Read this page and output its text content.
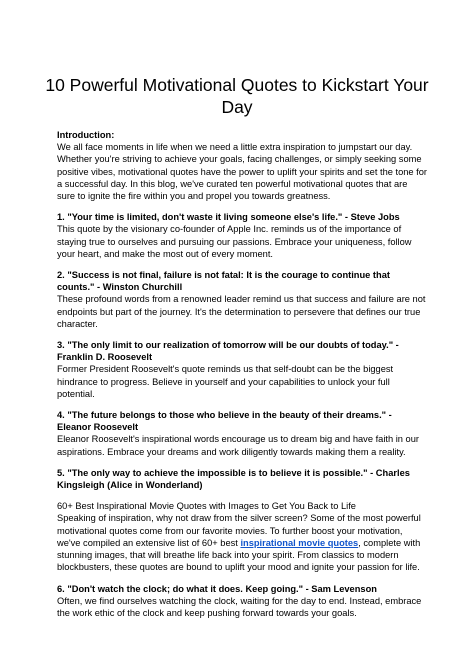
10 Powerful Motivational Quotes to Kickstart Your Day

Introduction:

We all face moments in life when we need a little extra inspiration to jumpstart our day. Whether you're striving to achieve your goals, facing challenges, or simply seeking some positive vibes, motivational quotes have the power to uplift your spirits and set the tone for a successful day. In this blog, we've curated ten powerful motivational quotes that are sure to ignite the fire within you and propel you towards greatness.

1. "Your time is limited, don't waste it living someone else's life." - Steve Jobs

This quote by the visionary co-founder of Apple Inc. reminds us of the importance of staying true to ourselves and pursuing our passions. Embrace your uniqueness, follow your heart, and make the most out of every moment.

2. "Success is not final, failure is not fatal: It is the courage to continue that counts." - Winston Churchill

These profound words from a renowned leader remind us that success and failure are not endpoints but part of the journey. It's the determination to persevere that defines our true character.

3. "The only limit to our realization of tomorrow will be our doubts of today." - Franklin D. Roosevelt

Former President Roosevelt's quote reminds us that self-doubt can be the biggest hindrance to progress. Believe in yourself and your capabilities to unlock your full potential.

4. "The future belongs to those who believe in the beauty of their dreams." - Eleanor Roosevelt

Eleanor Roosevelt's inspirational words encourage us to dream big and have faith in our aspirations. Embrace your dreams and work diligently towards making them a reality.

5. "The only way to achieve the impossible is to believe it is possible." - Charles Kingsleigh (Alice in Wonderland)

60+ Best Inspirational Movie Quotes with Images to Get You Back to Life

Speaking of inspiration, why not draw from the silver screen? Some of the most powerful motivational quotes come from our favorite movies. To further boost your motivation, we've compiled an extensive list of 60+ best inspirational movie quotes, complete with stunning images, that will breathe life back into your spirit. From classics to modern blockbusters, these quotes are bound to uplift your mood and ignite your passion for life.

6. "Don't watch the clock; do what it does. Keep going." - Sam Levenson

Often, we find ourselves watching the clock, waiting for the day to end. Instead, embrace the work ethic of the clock and keep pushing forward towards your goals.
